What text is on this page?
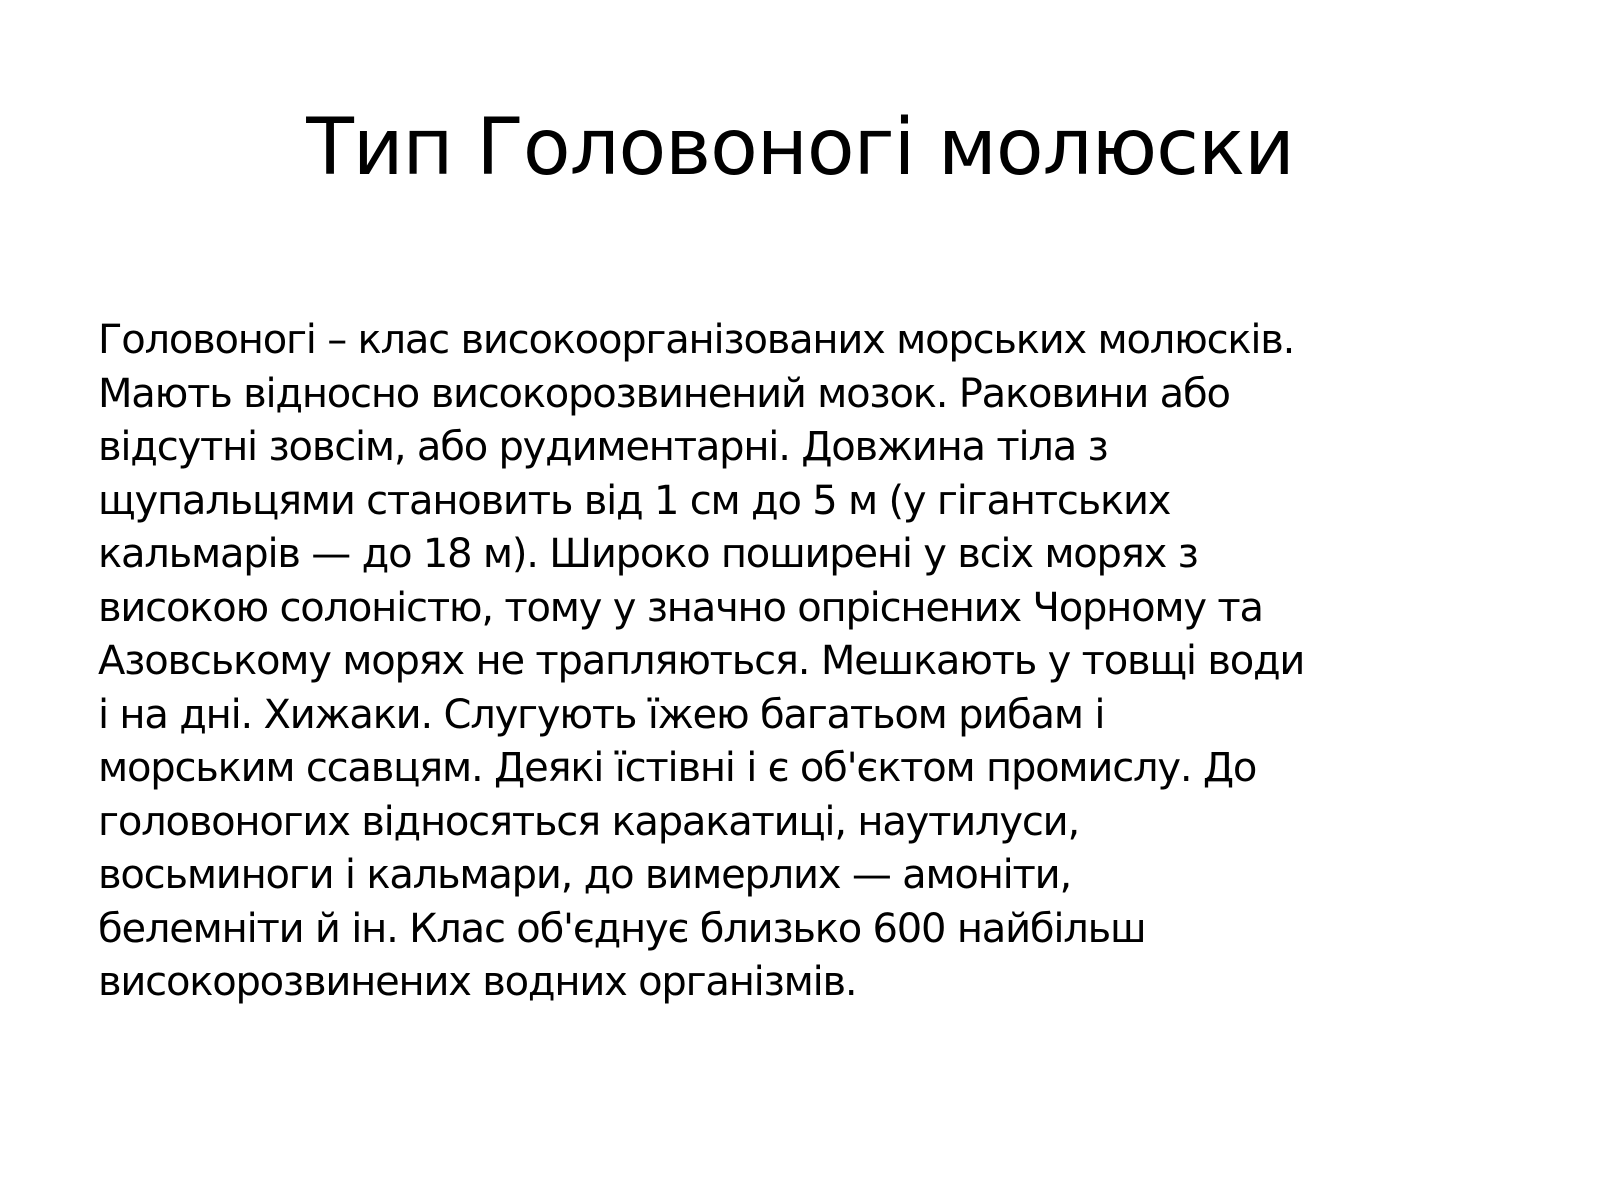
Тип Головоногі молюски
Головоногі – клас високоорганізованих морських молюсків.
Мають відносно високорозвинений мозок. Раковини або
відсутні зовсім, або рудиментарні. Довжина тіла з
щупальцями становить від 1 см до 5 м (у гігантських
кальмарів — до 18 м). Широко поширені у всіх морях з
високою солоністю, тому у значно опріснених Чорному та
Азовському морях не трапляються. Мешкають у товщі води
і на дні. Хижаки. Слугують їжею багатьом рибам і
морським ссавцям. Деякі їстівні і є об'єктом промислу. До
головоногих відносяться каракатиці, наутилуси,
восьминоги і кальмари, до вимерлих — амоніти,
белемніти й ін. Клас об'єднує близько 600 найбільш
високорозвинених водних організмів.
